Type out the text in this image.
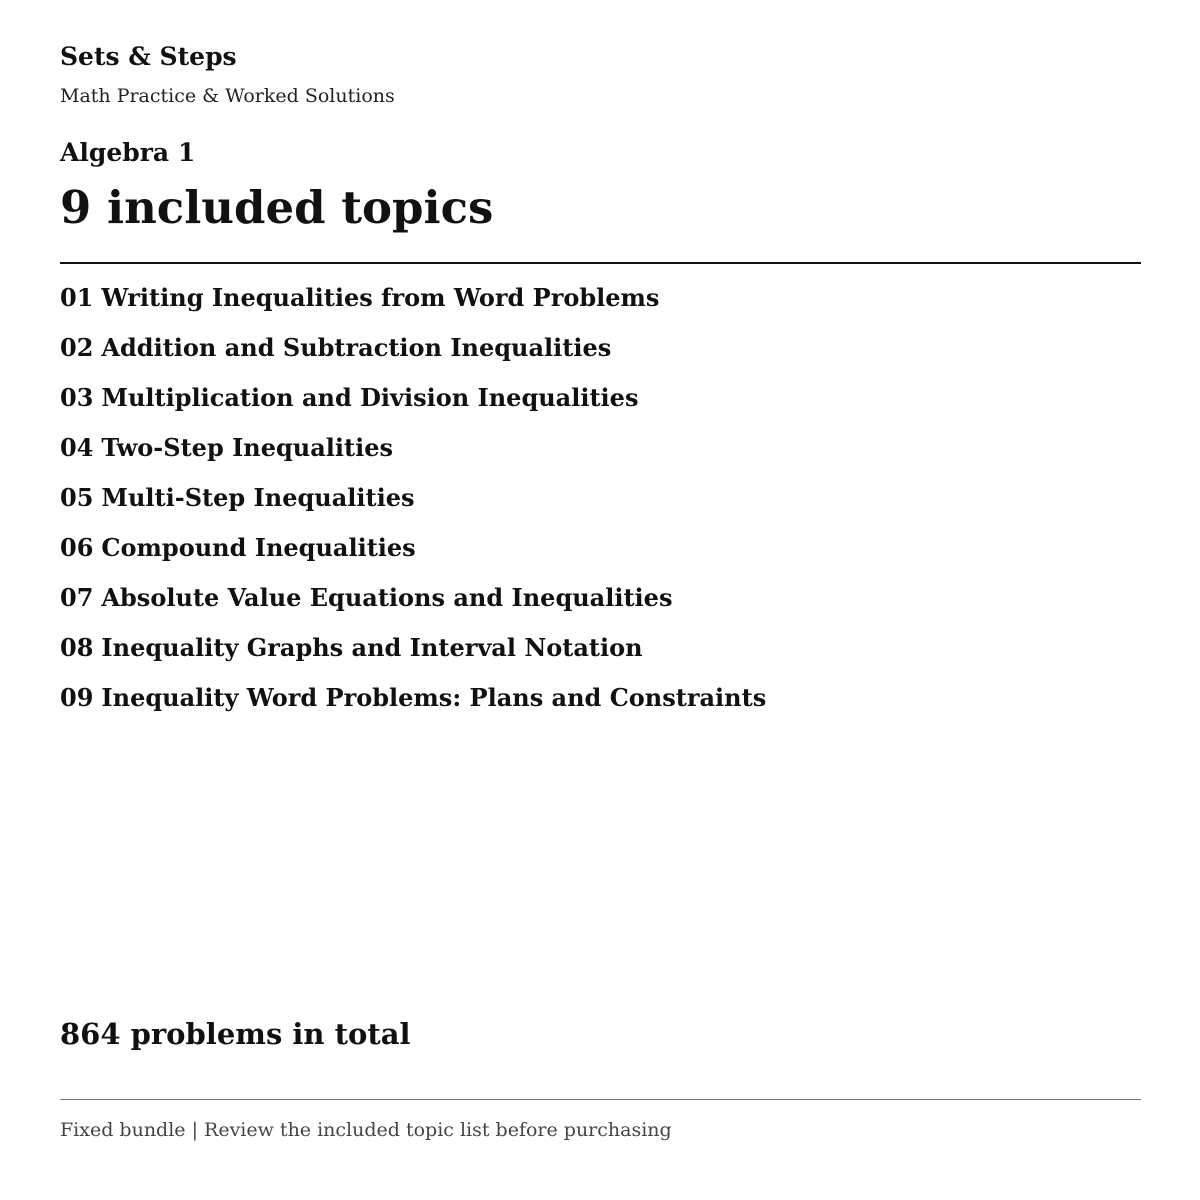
Sets & Steps
Math Practice & Worked Solutions
Algebra 1
9 included topics
01 Writing Inequalities from Word Problems
02 Addition and Subtraction Inequalities
03 Multiplication and Division Inequalities
04 Two-Step Inequalities
05 Multi-Step Inequalities
06 Compound Inequalities
07 Absolute Value Equations and Inequalities
08 Inequality Graphs and Interval Notation
09 Inequality Word Problems: Plans and Constraints
864 problems in total
Fixed bundle | Review the included topic list before purchasing
